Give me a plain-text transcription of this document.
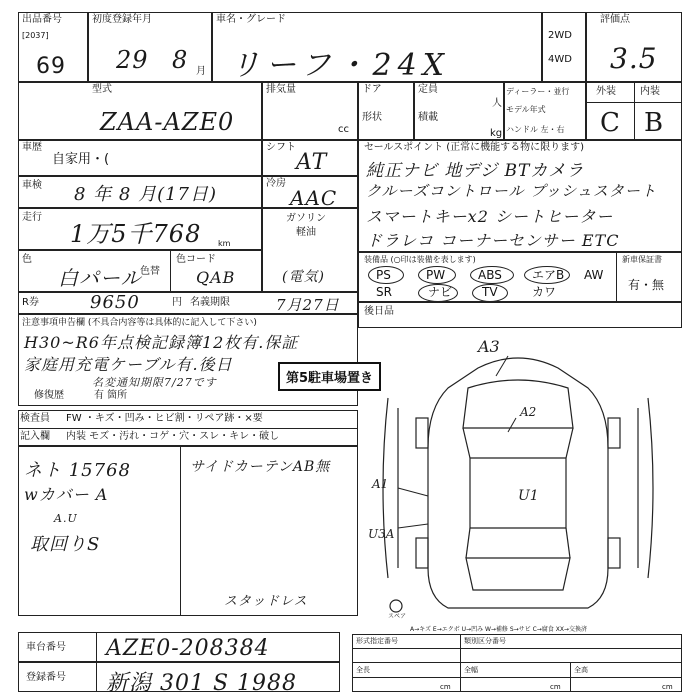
出品番号
[2037]
69
初度登録年月
29 8 月
車名・グレード
リーフ・24X
2WD
4WD
評価点
3.5
型式
ZAA-AZE0
排気量
cc
ドア	定員
人
形状	積載
kg
ディーラー・並行
モデル年式
ハンドル 左・右
外装 内装
C B
車歴
自家用・(
シフト
AT
車検 8 年 8 月(17日)
冷房
AAC
走行
1万5千768 km
ガソリン 軽油
(電気)
色
白パール
色替
色コード
QAB
R券	9650	円 名義期限	7月27日
セールスポイント (正常に機能する物に限ります)
純正ナビ 地デジ BTカメラ
クルーズコントロール プッシュスタート
スマートキーx2 シートヒーター
ドラレコ コーナーセンサー ETC
装備品 (○印は装備を表します)	新車保証書
有・無
PS	PW	ABS	エアB AW
SR	ナビ TV	カワ
後日品
注意事項申告欄 (不具合内容等は具体的に記入して下さい)
H30~R6年点検記録簿12枚有.保証
家庭用充電ケーブル有.後日
名変通知期限7/27です
修復歴	有 箇所
第5駐車場置き
検査員
記入欄
FW ・キズ・凹み・ヒビ割・リペア跡・×要
内装 モズ・汚れ・コゲ・穴・スレ・キレ・破し
ネト 15768
wカバー A
A.U
取回りS
サイドカーテンAB無
スタッドレス
A3
A2
A1
U1
U3A
スペア
A→キズ E→エクボ U→凹み W→補修 S→サビ C→腐食 XX→交換済
車台番号 AZE0-208384
登録番号 新潟 301 S 1988
形式指定番号	類別区分番号
全長	全幅	全高
cm	cm	cm
